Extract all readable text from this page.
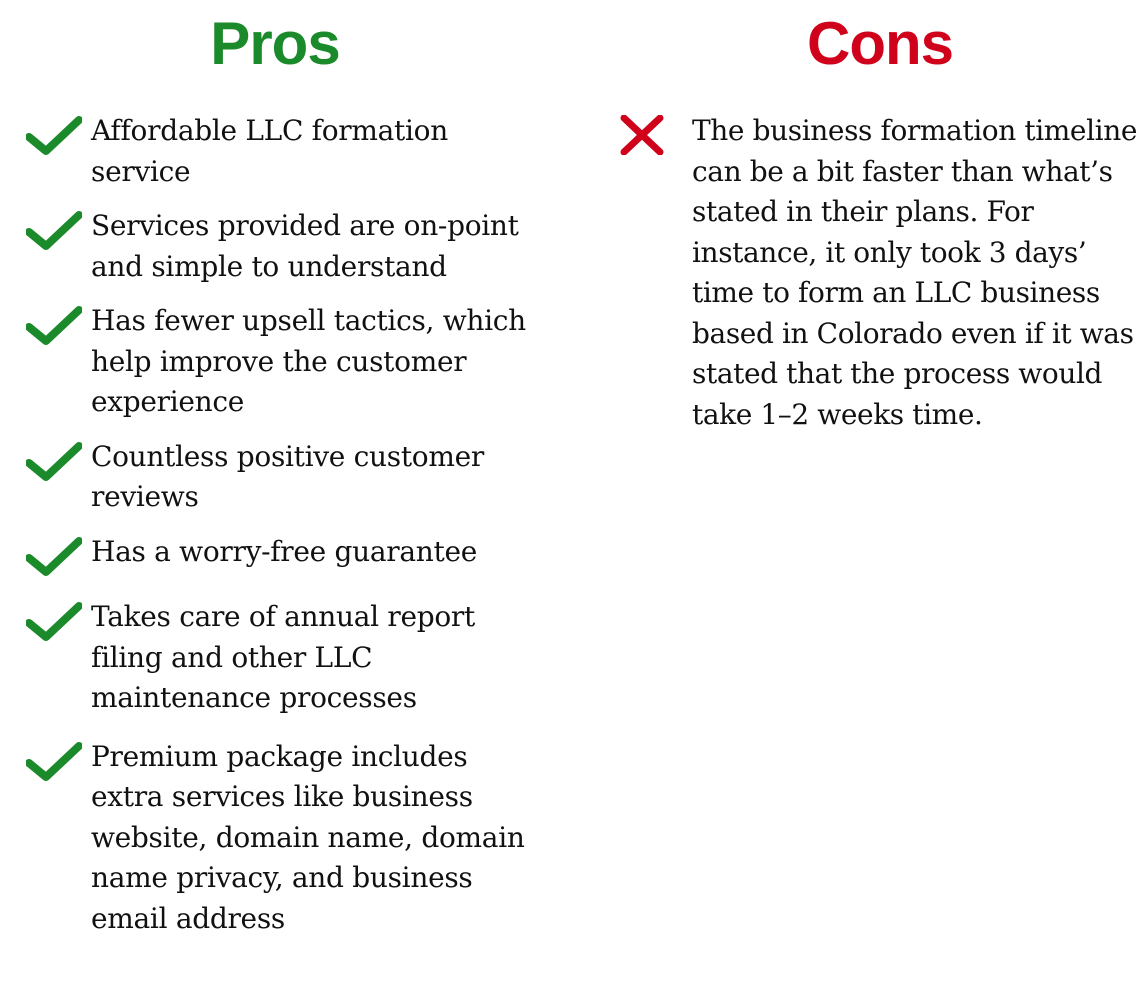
Pros	Cons
Affordable LLC formation service
Services provided are on-point and simple to understand
Has fewer upsell tactics, which help improve the customer experience
Countless positive customer reviews
Has a worry-free guarantee
Takes care of annual report filing and other LLC maintenance processes
Premium package includes extra services like business website, domain name, domain name privacy, and business email address
The business formation timeline can be a bit faster than what’s stated in their plans. For instance, it only took 3 days’ time to form an LLC business based in Colorado even if it was stated that the process would take 1–2 weeks time.
